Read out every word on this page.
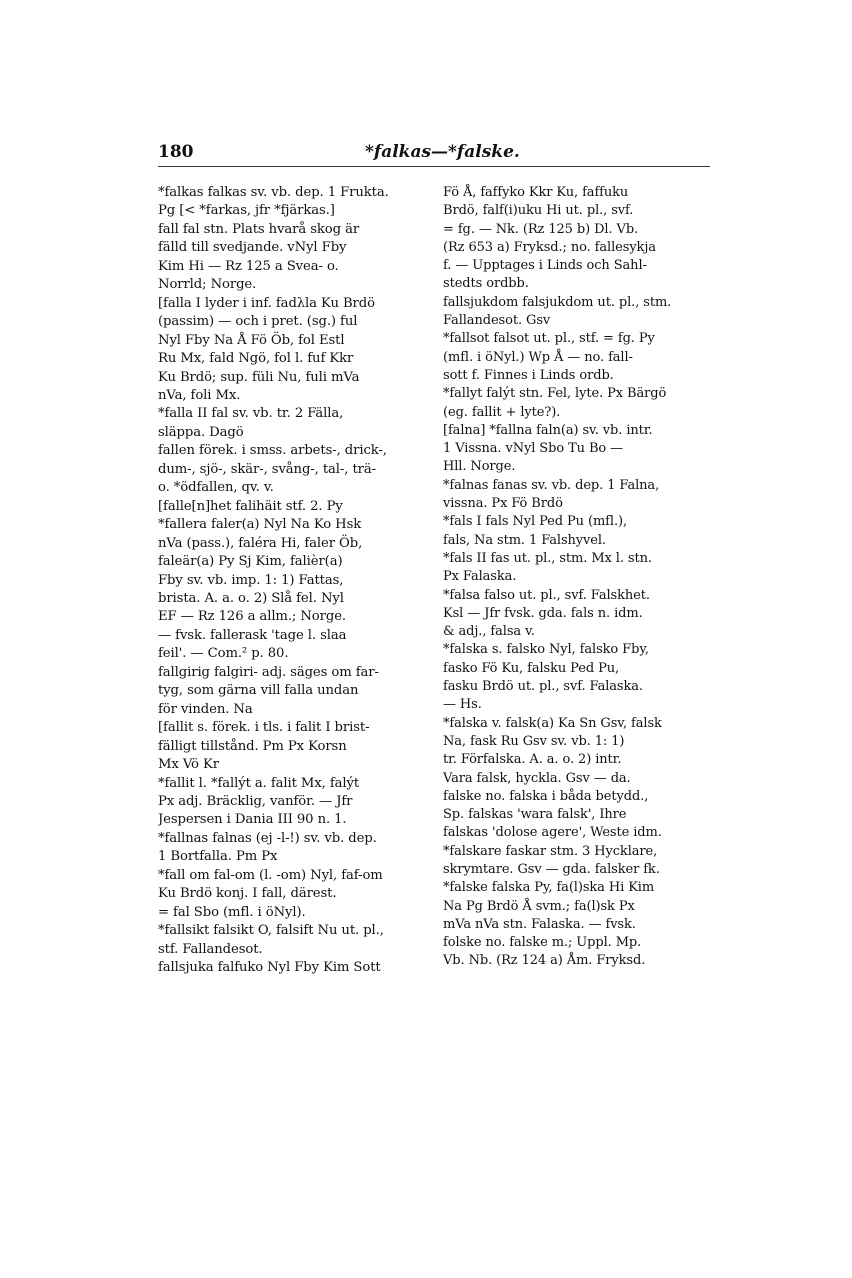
180	*falkas—*falske.
*falkas falkas sv. vb. dep. 1 Frukta.
Pg [< *farkas, jfr *fjärkas.]
fall fal stn. Plats hvarå skog är
fälld till svedjande. vNyl Fby
Kim Hi — Rz 125 a Svea- o.
Norrld; Norge.
[falla I lyder i inf. fadλla Ku Brdö
(passim) — och i pret. (sg.) ful
Nyl Fby Na Å Fö Öb, fol Estl
Ru Mx, fald Ngö, fol l. fuf Kkr
Ku Brdö; sup. füli Nu, fuli mVa
nVa, foli Mx.
*falla II fal sv. vb. tr. 2 Fälla,
släppa. Dagö
fallen förek. i smss. arbets-, drick-,
dum-, sjö-, skär-, svång-, tal-, trä-
o. *ödfallen, qv. v.
[falle[n]het falihäit stf. 2. Py
*fallera faler(a) Nyl Na Ko Hsk
nVa (pass.), faléra Hi, faler Öb,
faleär(a) Py Sj Kim, falièr(a)
Fby sv. vb. imp. 1: 1) Fattas,
brista. A. a. o. 2) Slå fel. Nyl
EF — Rz 126 a allm.; Norge.
— fvsk. fallerask 'tage l. slaa
feil'. — Com.² p. 80.
fallgirig falgiri- adj. säges om far-
tyg, som gärna vill falla undan
för vinden. Na
[fallit s. förek. i tls. i falit I brist-
fälligt tillstånd. Pm Px Korsn
Mx Vö Kr
*fallit l. *fallýt a. falit Mx, falýt
Px adj. Bräcklig, vanför. — Jfr
Jespersen i Dania III 90 n. 1.
*fallnas falnas (ej -l-!) sv. vb. dep.
1 Bortfalla. Pm Px
*fall om fal-om (l. -om) Nyl, faf-om
Ku Brdö konj. I fall, därest.
= fal Sbo (mfl. i öNyl).
*fallsikt falsikt O, falsift Nu ut. pl.,
stf. Fallandesot.
fallsjuka falfuko Nyl Fby Kim Sott
Fö Å, faffyko Kkr Ku, faffuku
Brdö, falf(i)uku Hi ut. pl., svf.
= fg. — Nk. (Rz 125 b) Dl. Vb.
(Rz 653 a) Fryksd.; no. fallesykja
f. — Upptages i Linds och Sahl-
stedts ordbb.
fallsjukdom falsjukdom ut. pl., stm.
Fallandesot. Gsv
*fallsot falsot ut. pl., stf. = fg. Py
(mfl. i öNyl.) Wp Å — no. fall-
sott f. Finnes i Linds ordb.
*fallyt falýt stn. Fel, lyte. Px Bärgö
(eg. fallit + lyte?).
[falna] *fallna faln(a) sv. vb. intr.
1 Vissna. vNyl Sbo Tu Bo —
Hll. Norge.
*falnas fanas sv. vb. dep. 1 Falna,
vissna. Px Fö Brdö
*fals I fals Nyl Ped Pu (mfl.),
fals, Na stm. 1 Falshyvel.
*fals II fas ut. pl., stm. Mx l. stn.
Px Falaska.
*falsa falso ut. pl., svf. Falskhet.
Ksl — Jfr fvsk. gda. fals n. idm.
& adj., falsa v.
*falska s. falsko Nyl, falsko Fby,
fasko Fö Ku, falsku Ped Pu,
fasku Brdö ut. pl., svf. Falaska.
— Hs.
*falska v. falsk(a) Ka Sn Gsv, falsk
Na, fask Ru Gsv sv. vb. 1: 1)
tr. Förfalska. A. a. o. 2) intr.
Vara falsk, hyckla. Gsv — da.
falske no. falska i båda betydd.,
Sp. falskas 'wara falsk', Ihre
falskas 'dolose agere', Weste idm.
*falskare faskar stm. 3 Hycklare,
skrymtare. Gsv — gda. falsker fk.
*falske falska Py, fa(l)ska Hi Kim
Na Pg Brdö Å svm.; fa(l)sk Px
mVa nVa stn. Falaska. — fvsk.
folske no. falske m.; Uppl. Mp.
Vb. Nb. (Rz 124 a) Åm. Fryksd.
